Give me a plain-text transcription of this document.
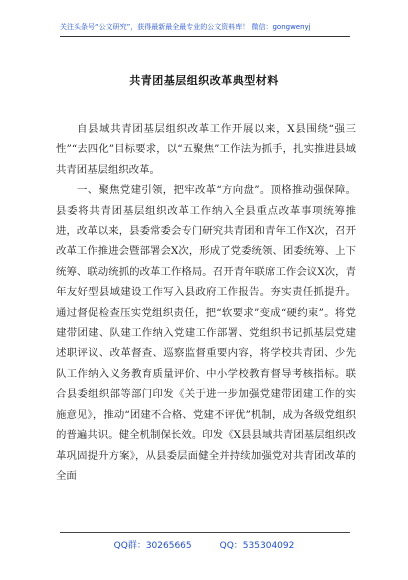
关注头条号“公文研究”，获得最新最全最专业的公文资料库！ 微信：gongwenyj
共青团基层组织改革典型材料

自县域共青团基层组织改革工作开展以来，X县围绕“强三性”“去四化”目标要求，以“五聚焦”工作法为抓手，扎实推进县域共青团基层组织改革。

一、聚焦党建引领，把牢改革“方向盘”。顶格推动强保障。县委将共青团基层组织改革工作纳入全县重点改革事项统筹推进，改革以来，县委常委会专门研究共青团和青年工作X次，召开改革工作推进会暨部署会X次，形成了党委统领、团委统筹、上下统筹、联动统抓的改革工作格局。召开青年联席工作会议X次，青年友好型县域建设工作写入县政府工作报告。夯实责任抓提升。通过督促检查压实党组织责任，把“软要求”变成“硬约束”。将党建带团建、队建工作纳入党建工作部署、党组织书记抓基层党建述职评议、改革督查、巡察监督重要内容，将学校共青团、少先队工作纳入义务教育质量评价、中小学校教育督导考核指标。联合县委组织部等部门印发《关于进一步加强党建带团建工作的实施意见》，推动“团建不合格、党建不评优”机制，成为各级党组织的普遍共识。健全机制保长效。印发《X县县域共青团基层组织改革巩固提升方案》，从县委层面健全并持续加强党对共青团改革的全面

QQ群：30265665	QQ：535304092
